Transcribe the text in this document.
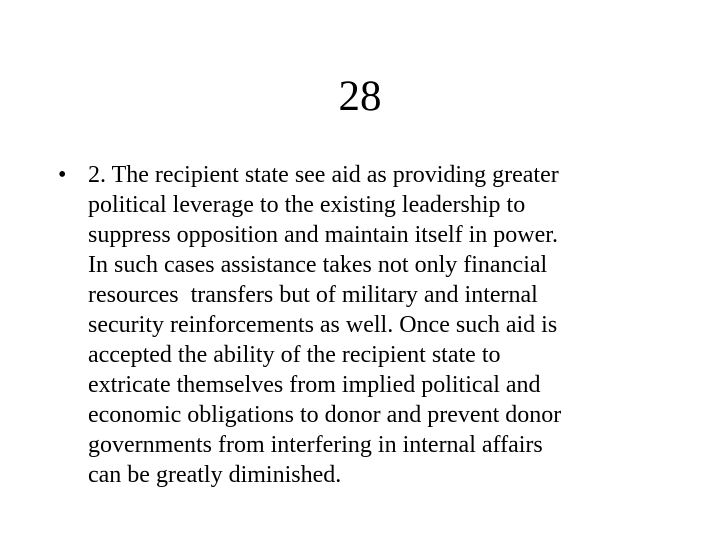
28
• 2. The recipient state see aid as providing greater
political leverage to the existing leadership to
suppress opposition and maintain itself in power.
In such cases assistance takes not only financial
resources  transfers but of military and internal
security reinforcements as well. Once such aid is
accepted the ability of the recipient state to
extricate themselves from implied political and
economic obligations to donor and prevent donor
governments from interfering in internal affairs
can be greatly diminished.
